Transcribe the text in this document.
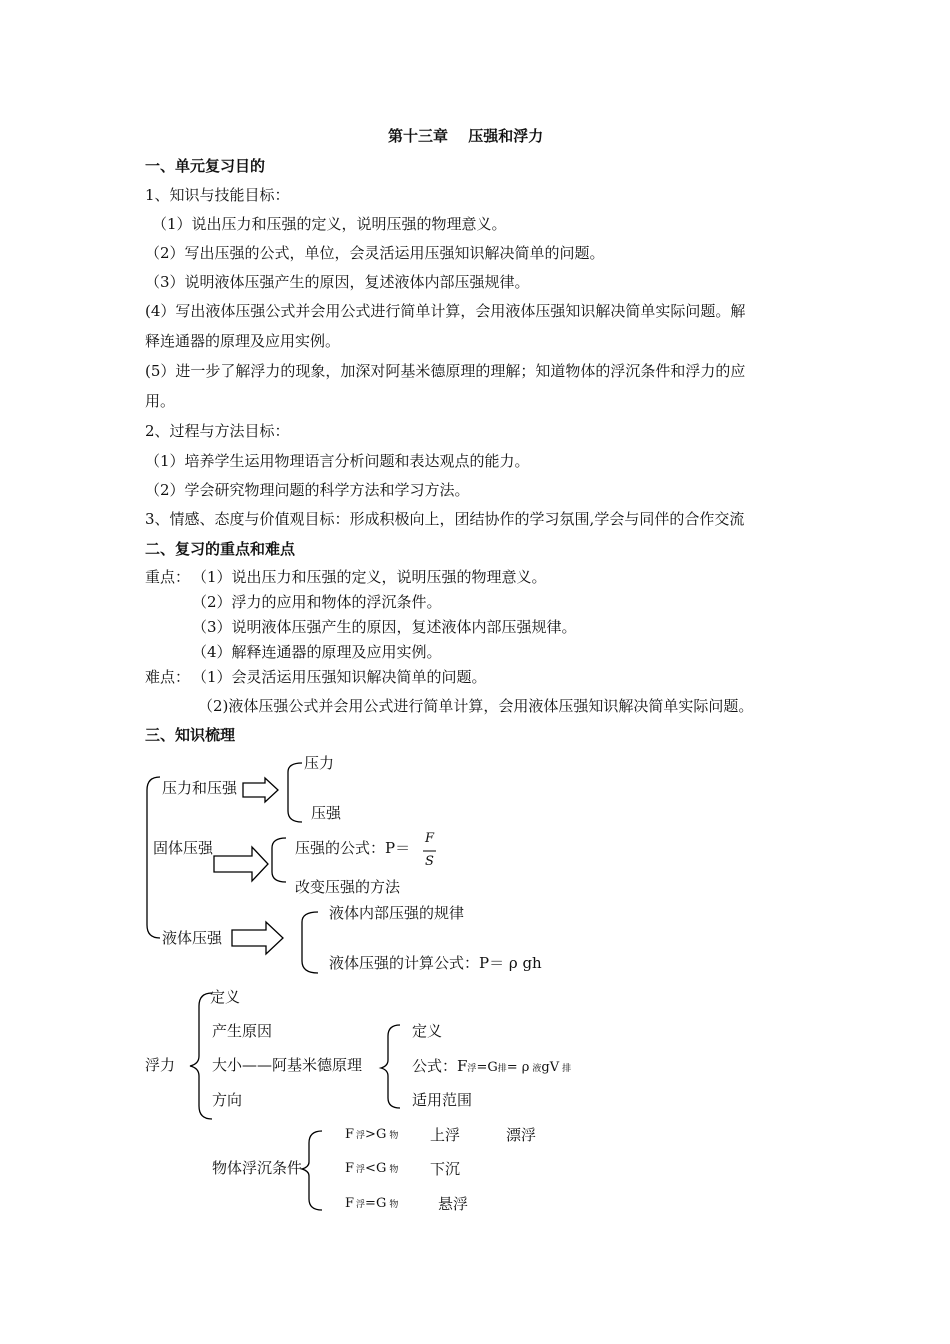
第十三章　 压强和浮力
一、单元复习目的
1、知识与技能目标：
（1）说出压力和压强的定义，说明压强的物理意义。
（2）写出压强的公式，单位，会灵活运用压强知识解决简单的问题。
（3）说明液体压强产生的原因，复述液体内部压强规律。
(4）写出液体压强公式并会用公式进行简单计算，会用液体压强知识解决简单实际问题。解
释连通器的原理及应用实例。
(5）进一步了解浮力的现象，加深对阿基米德原理的理解；知道物体的浮沉条件和浮力的应
用。
2、过程与方法目标：
（1）培养学生运用物理语言分析问题和表达观点的能力。
（2）学会研究物理问题的科学方法和学习方法。
3、情感、态度与价值观目标：形成积极向上，团结协作的学习氛围,学会与同伴的合作交流
二、复习的重点和难点
重点： （1）说出压力和压强的定义，说明压强的物理意义。
（2）浮力的应用和物体的浮沉条件。
（3）说明液体压强产生的原因，复述液体内部压强规律。
（4）解释连通器的原理及应用实例。
难点： （1）会灵活运用压强知识解决简单的问题。
（2)液体压强公式并会用公式进行简单计算，会用液体压强知识解决简单实际问题。
三、知识梳理
压力和压强
压力
压强
固体压强	压强的公式：P＝
F
S
改变压强的方法
液体压强
液体内部压强的规律
液体压强的计算公式：P＝ ρ gh
浮力
定义
产生原因
大小——阿基米德原理
方向
定义
公式：F浮=G排= ρ 液gV 排
适用范围
物体浮沉条件
F 浮>G 物 上浮	漂浮
F 浮<G 物 下沉
F 浮=G 物	悬浮
